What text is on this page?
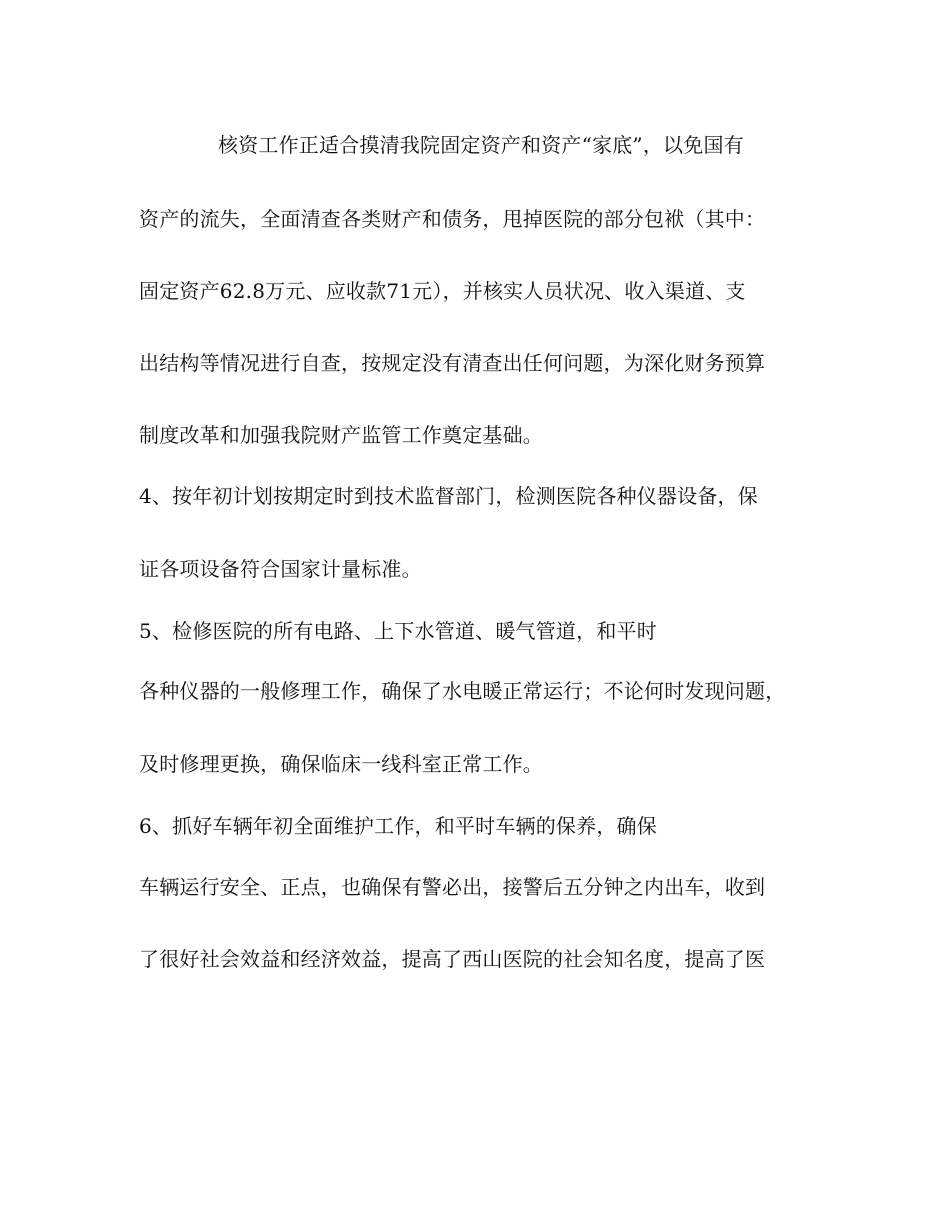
核资工作正适合摸清我院固定资产和资产“家底”，以免国有
资产的流失，全面清查各类财产和债务，甩掉医院的部分包袱（其中：
固定资产62.8万元、应收款71元），并核实人员状况、收入渠道、支
出结构等情况进行自查，按规定没有清查出任何问题，为深化财务预算
制度改革和加强我院财产监管工作奠定基础。
4、按年初计划按期定时到技术监督部门，检测医院各种仪器设备，保
证各项设备符合国家计量标准。
5、检修医院的所有电路、上下水管道、暖气管道，和平时
各种仪器的一般修理工作，确保了水电暖正常运行；不论何时发现问题，
及时修理更换，确保临床一线科室正常工作。
6、抓好车辆年初全面维护工作，和平时车辆的保养，确保
车辆运行安全、正点，也确保有警必出，接警后五分钟之内出车，收到
了很好社会效益和经济效益，提高了西山医院的社会知名度，提高了医
